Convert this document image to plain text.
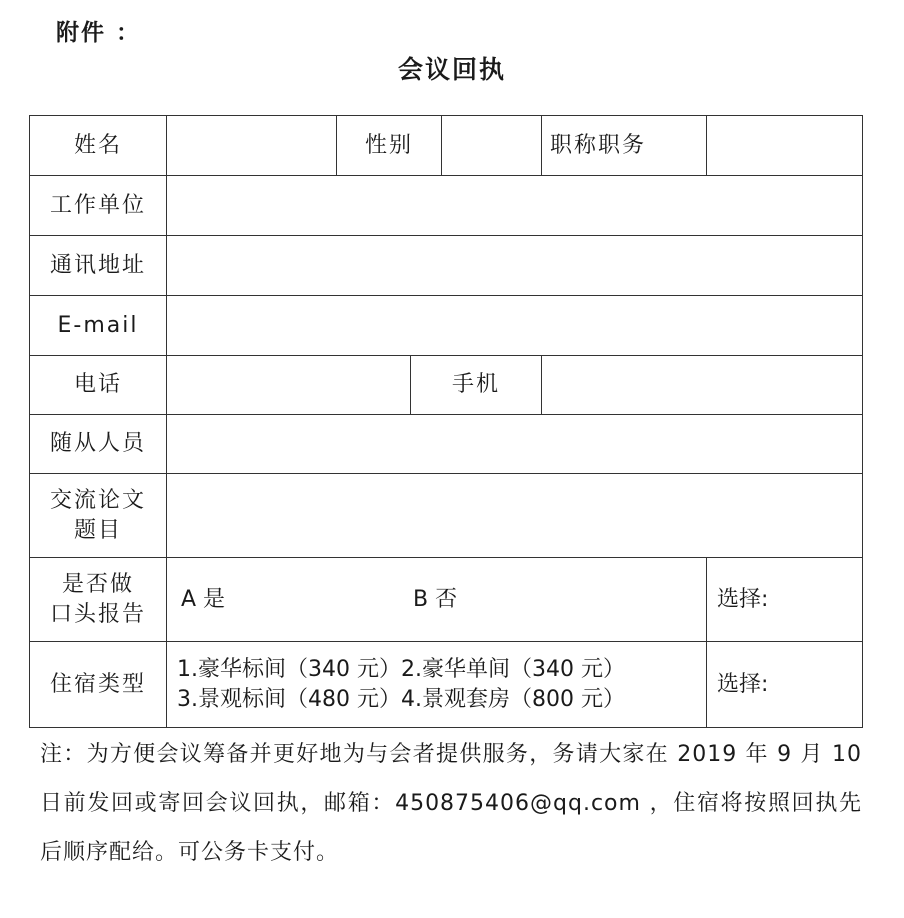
附件 ：
会议回执
姓名		性别			职称职务	
工作单位						
通讯地址						
E-mail						
电话			手机			
随从人员						

交流论文
题目						

是否做
口头报告	A 是 B 否					选择:
住宿类型	1.豪华标间（340 元）2.豪华单间（340 元）
3.景观标间（480 元）4.景观套房（800 元）					选择:
注：为方便会议筹备并更好地为与会者提供服务，务请大家在 2019 年 9 月 10 日前发回或寄回会议回执，邮箱：450875406@qq.com ，住宿将按照回执先后顺序配给。可公务卡支付。
